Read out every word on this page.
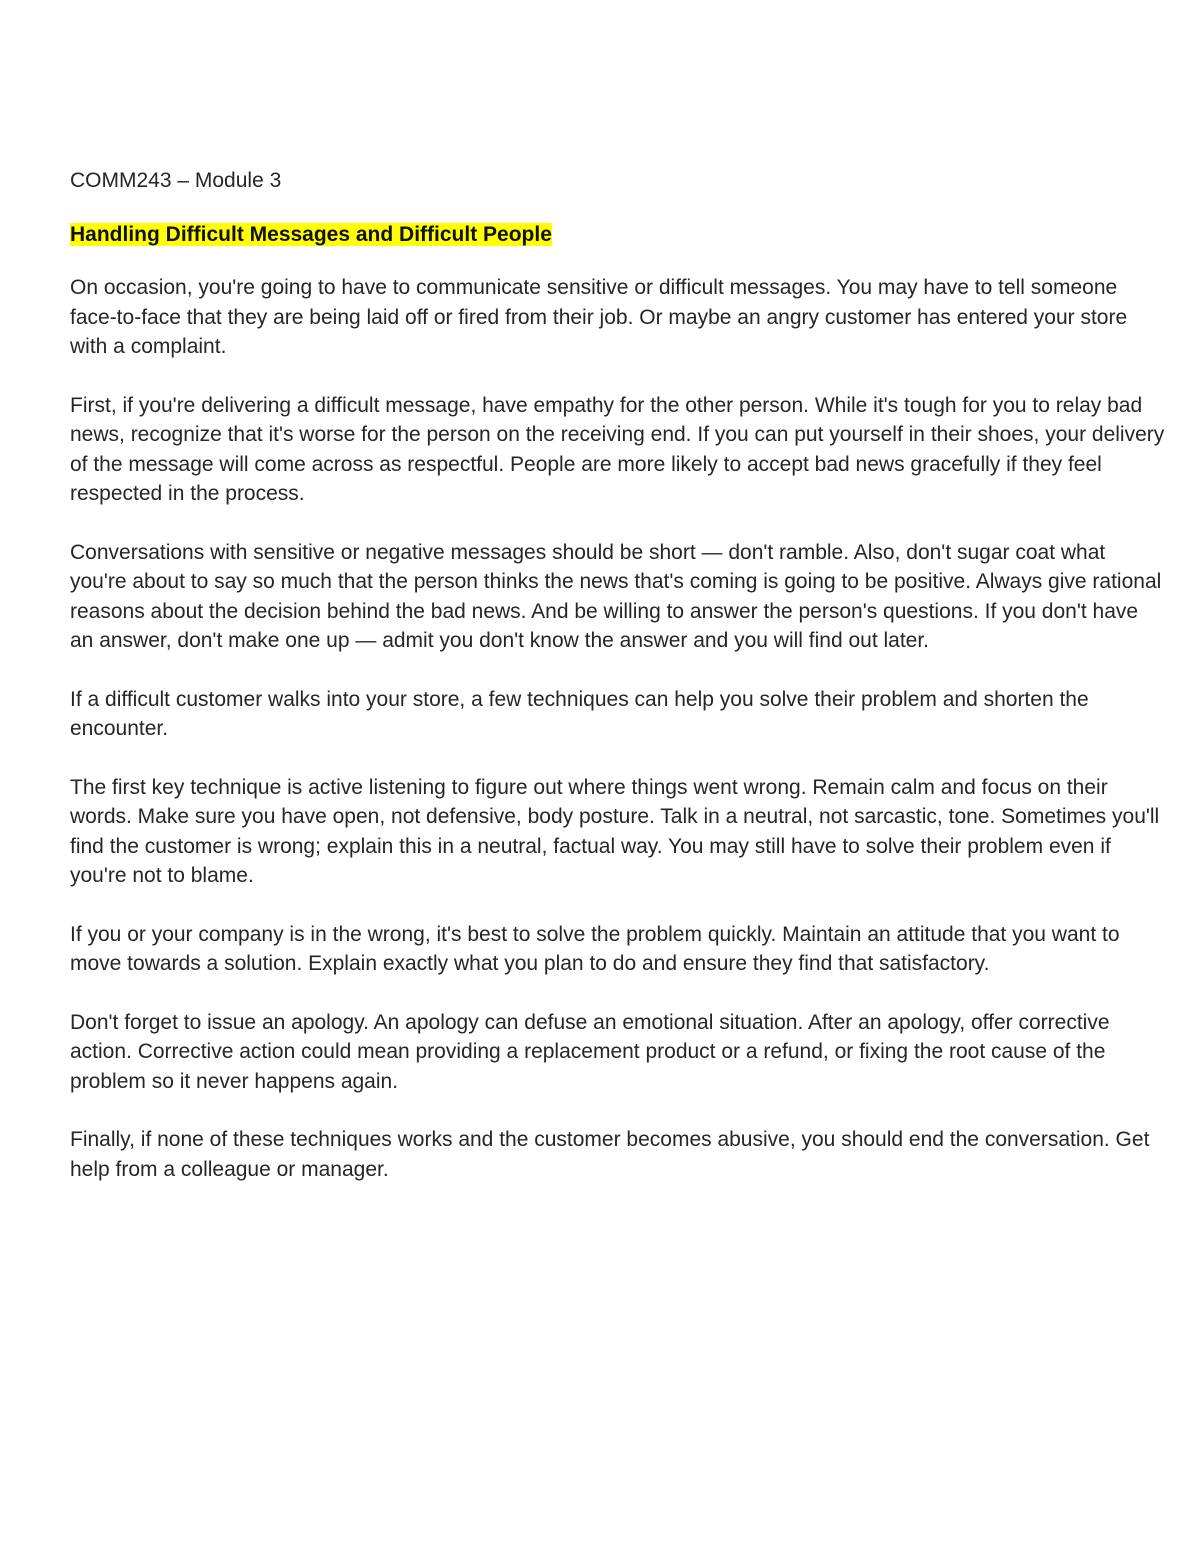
COMM243 – Module 3
Handling Difficult Messages and Difficult People

On occasion, you're going to have to communicate sensitive or difficult messages. You may have to tell someone face-to-face that they are being laid off or fired from their job. Or maybe an angry customer has entered your store with a complaint.

First, if you're delivering a difficult message, have empathy for the other person. While it's tough for you to relay bad news, recognize that it's worse for the person on the receiving end. If you can put yourself in their shoes, your delivery of the message will come across as respectful. People are more likely to accept bad news gracefully if they feel respected in the process.

Conversations with sensitive or negative messages should be short — don't ramble. Also, don't sugar coat what you're about to say so much that the person thinks the news that's coming is going to be positive. Always give rational reasons about the decision behind the bad news. And be willing to answer the person's questions. If you don't have an answer, don't make one up — admit you don't know the answer and you will find out later.

If a difficult customer walks into your store, a few techniques can help you solve their problem and shorten the encounter.

The first key technique is active listening to figure out where things went wrong. Remain calm and focus on their words. Make sure you have open, not defensive, body posture. Talk in a neutral, not sarcastic, tone. Sometimes you'll find the customer is wrong; explain this in a neutral, factual way. You may still have to solve their problem even if you're not to blame.

If you or your company is in the wrong, it's best to solve the problem quickly. Maintain an attitude that you want to move towards a solution. Explain exactly what you plan to do and ensure they find that satisfactory.

Don't forget to issue an apology. An apology can defuse an emotional situation. After an apology, offer corrective action. Corrective action could mean providing a replacement product or a refund, or fixing the root cause of the problem so it never happens again.

Finally, if none of these techniques works and the customer becomes abusive, you should end the conversation. Get help from a colleague or manager.
